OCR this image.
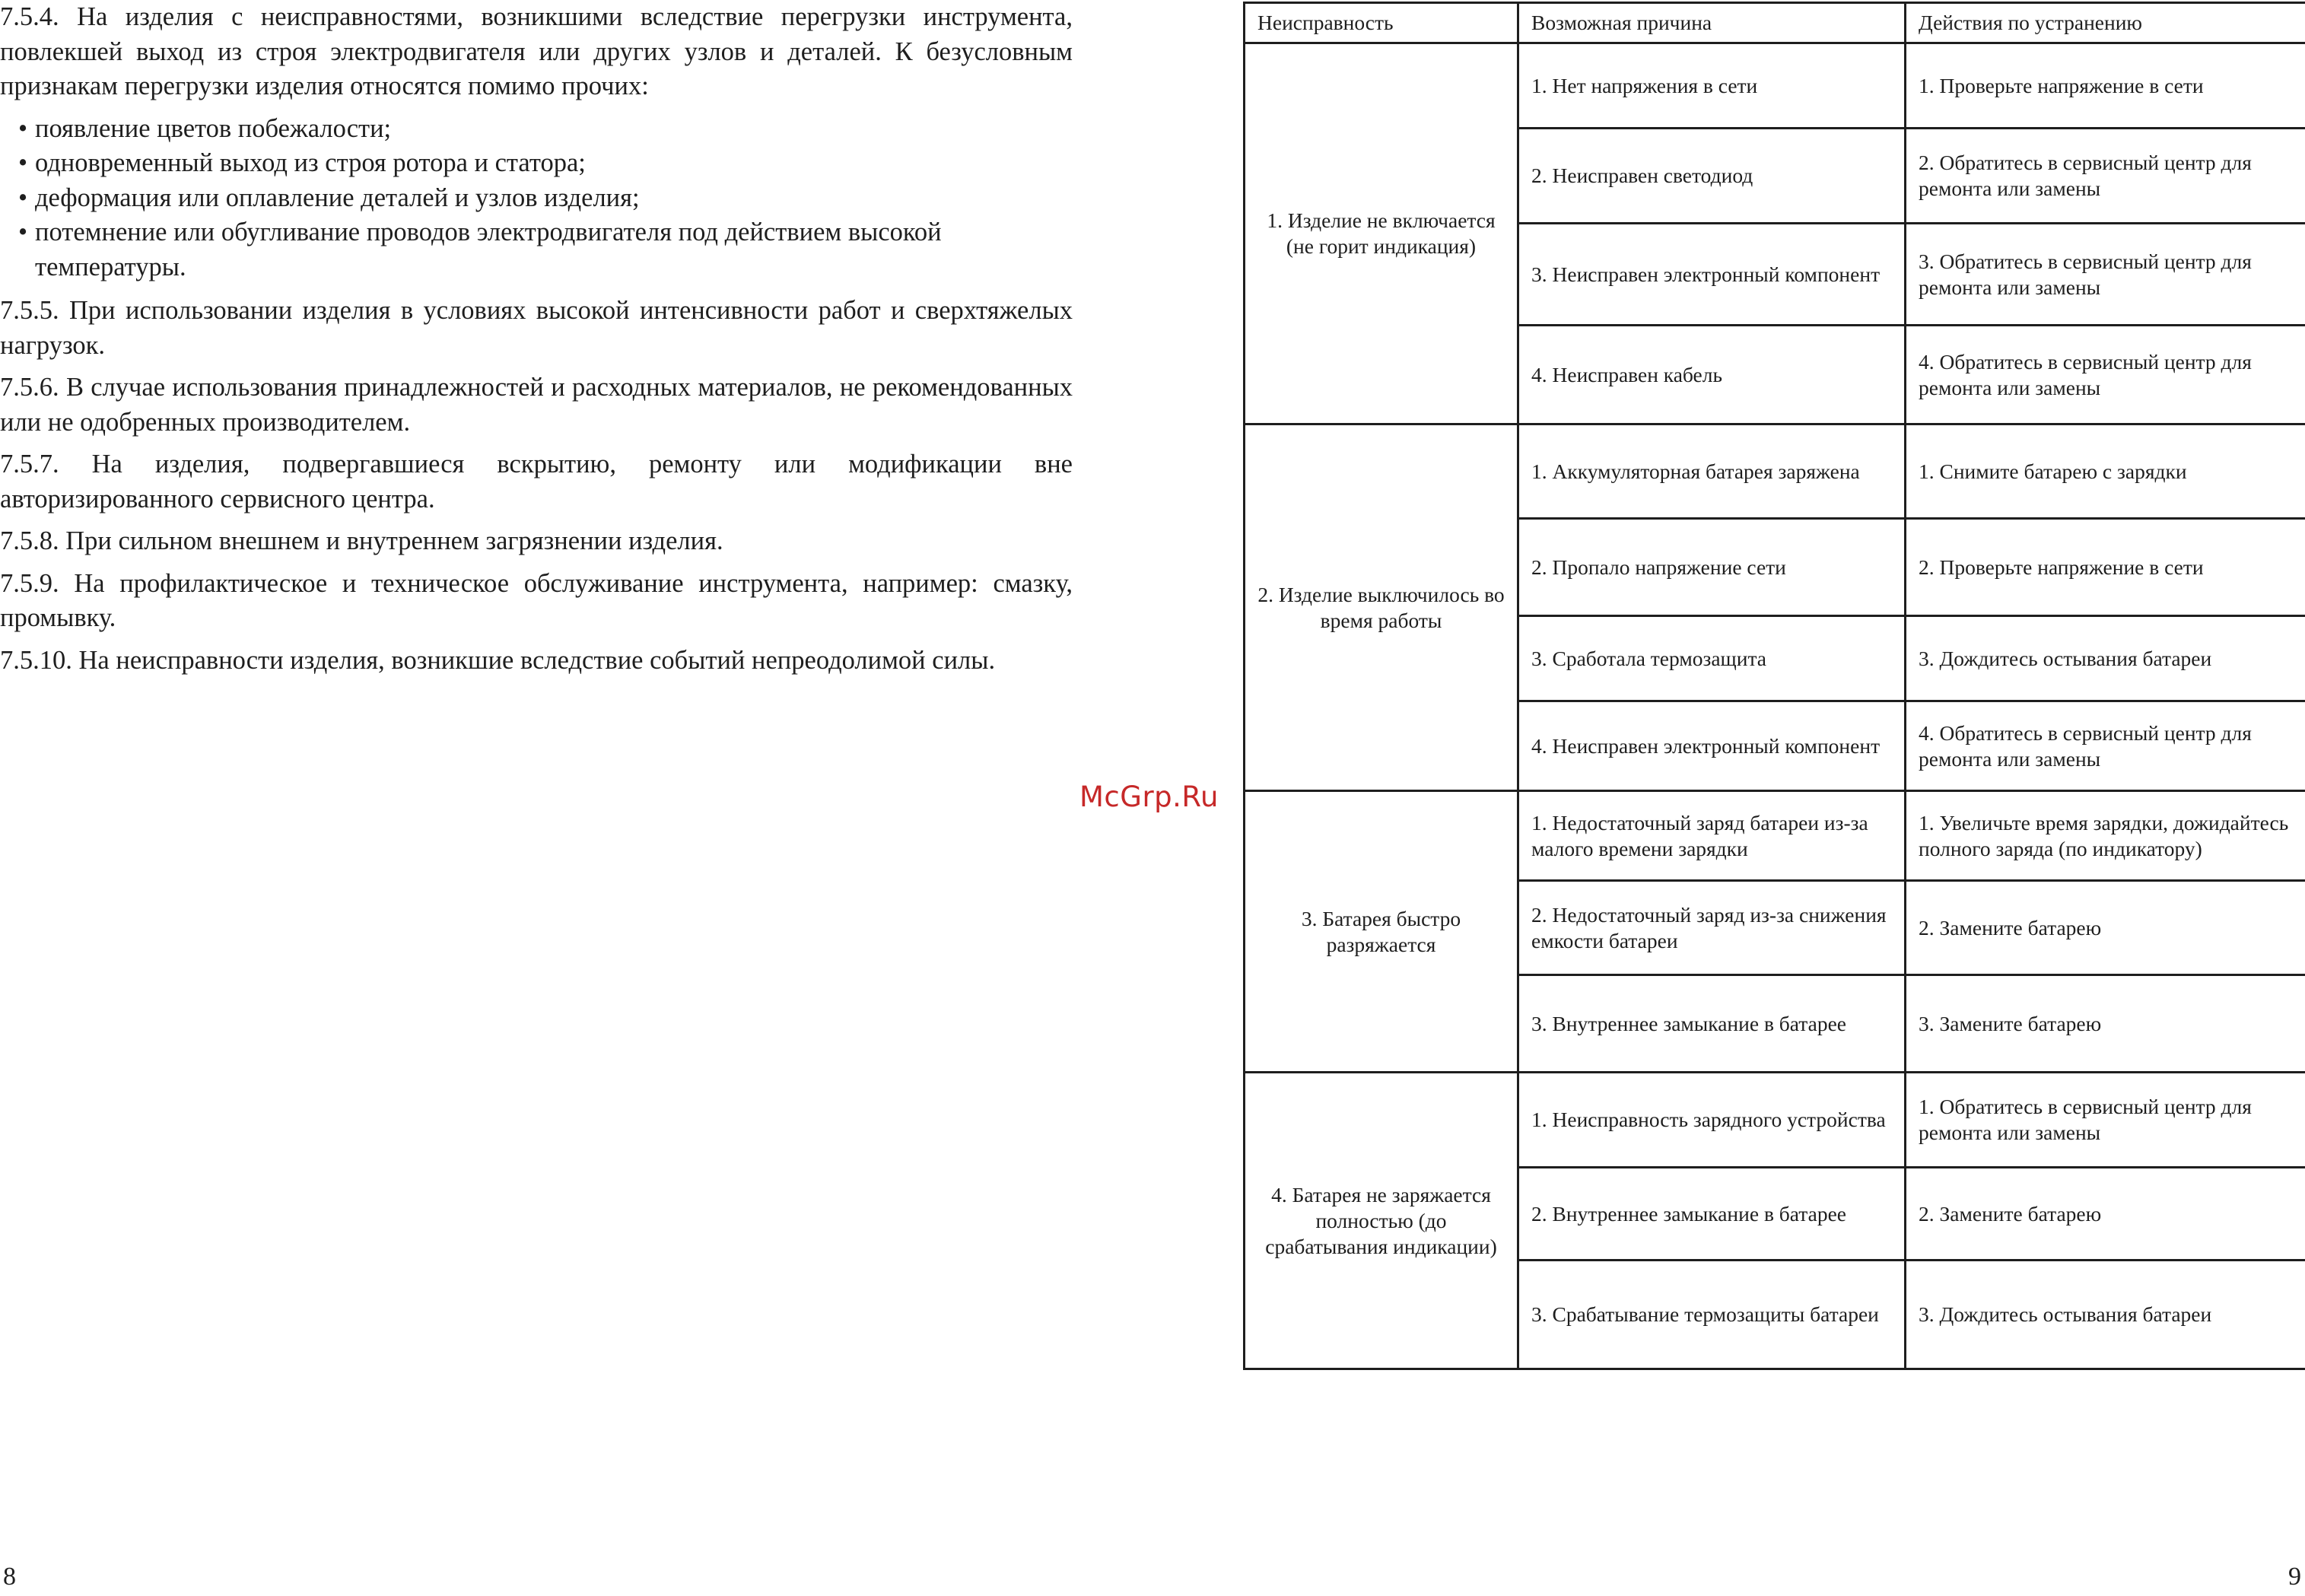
7.5.4. На изделия с неисправностями, возникшими вследствие перегрузки инструмента, повлекшей выход из строя электродвигателя или других узлов и деталей. К безусловным признакам перегрузки изделия относятся помимо прочих:

• появление цветов побежалости;
• одновременный выход из строя ротора и статора;
• деформация или оплавление деталей и узлов изделия;
• потемнение или обугливание проводов электродвигателя под действием высокой температуры.

7.5.5. При использовании изделия в условиях высокой интенсивности работ и сверхтяжелых нагрузок.

7.5.6. В случае использования принадлежностей и расходных материалов, не рекомендованных или не одобренных производителем.

7.5.7. На изделия, подвергавшиеся вскрытию, ремонту или модификации вне авторизированного сервисного центра.

7.5.8. При сильном внешнем и внутреннем загрязнении изделия.

7.5.9. На профилактическое и техническое обслуживание инструмента, например: смазку, промывку.

7.5.10. На неисправности изделия, возникшие вследствие событий непреодолимой силы.

McGrp.Ru
Неисправность	Возможная причина	Действия по устранению
1. Изделие не включается (не горит индикация)	1. Нет напряжения в сети	1. Проверьте напряжение в сети
	2. Неисправен светодиод	2. Обратитесь в сервисный центр для ремонта или замены
	3. Неисправен электронный компонент	3. Обратитесь в сервисный центр для ремонта или замены
	4. Неисправен кабель	4. Обратитесь в сервисный центр для ремонта или замены
2. Изделие выключилось во время работы	1. Аккумуляторная батарея заряжена	1. Снимите батарею с зарядки
	2. Пропало напряжение сети	2. Проверьте напряжение в сети
	3. Сработала термозащита	3. Дождитесь остывания батареи
	4. Неисправен электронный компонент	4. Обратитесь в сервисный центр для ремонта или замены
3. Батарея быстро разряжается	1. Недостаточный заряд батареи из-за малого времени зарядки	1. Увеличьте время зарядки, дожидайтесь полного заряда (по индикатору)
	2. Недостаточный заряд из-за снижения емкости батареи	2. Замените батарею
	3. Внутреннее замыкание в батарее	3. Замените батарею
4. Батарея не заряжается полностью (до срабатывания индикации)	1. Неисправность зарядного устройства	1. Обратитесь в сервисный центр для ремонта или замены
	2. Внутреннее замыкание в батарее	2. Замените батарею
	3. Срабатывание термозащиты батареи	3. Дождитесь остывания батареи
8	9
